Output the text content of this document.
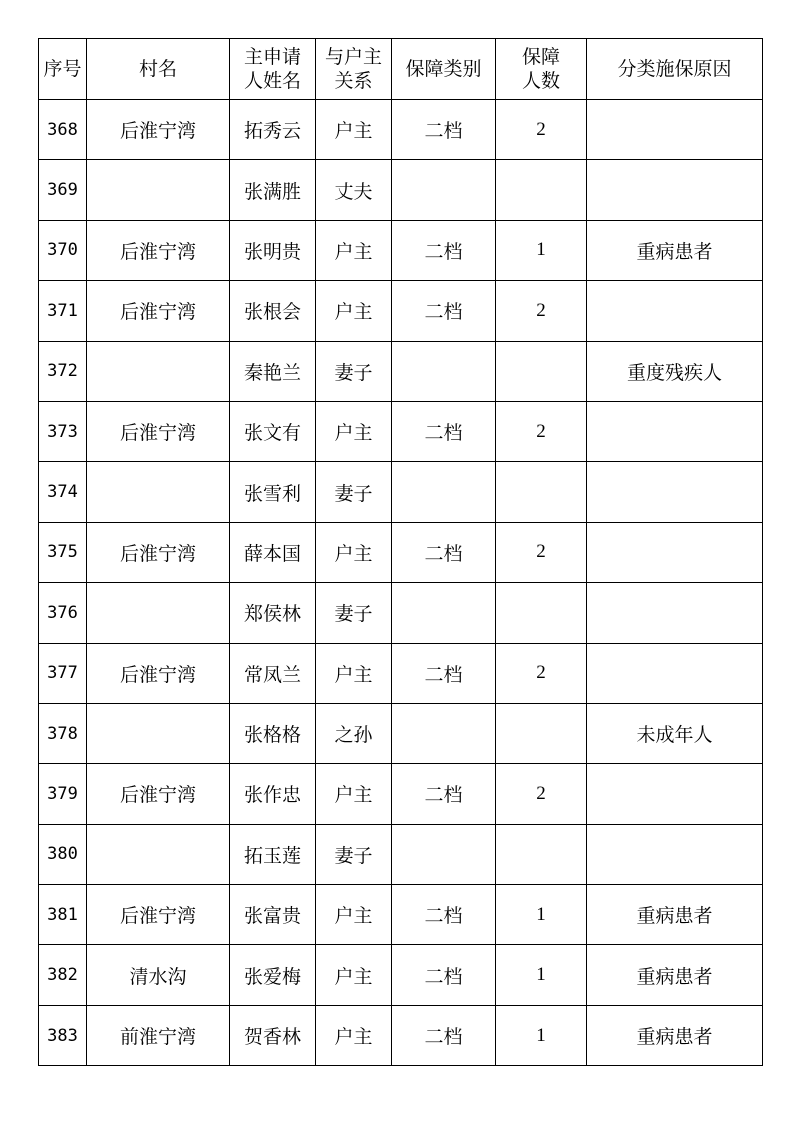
序号	村名	主申请人姓名	与户主关系	保障类别	保障人数	分类施保原因
368	后淮宁湾	拓秀云	户主	二档	2	
369		张满胜	丈夫			
370	后淮宁湾	张明贵	户主	二档	1	重病患者
371	后淮宁湾	张根会	户主	二档	2	
372		秦艳兰	妻子			重度残疾人
373	后淮宁湾	张文有	户主	二档	2	
374		张雪利	妻子			
375	后淮宁湾	薛本国	户主	二档	2	
376		郑侯林	妻子			
377	后淮宁湾	常凤兰	户主	二档	2	
378		张格格	之孙			未成年人
379	后淮宁湾	张作忠	户主	二档	2	
380		拓玉莲	妻子			
381	后淮宁湾	张富贵	户主	二档	1	重病患者
382	清水沟	张爱梅	户主	二档	1	重病患者
383	前淮宁湾	贺香林	户主	二档	1	重病患者
